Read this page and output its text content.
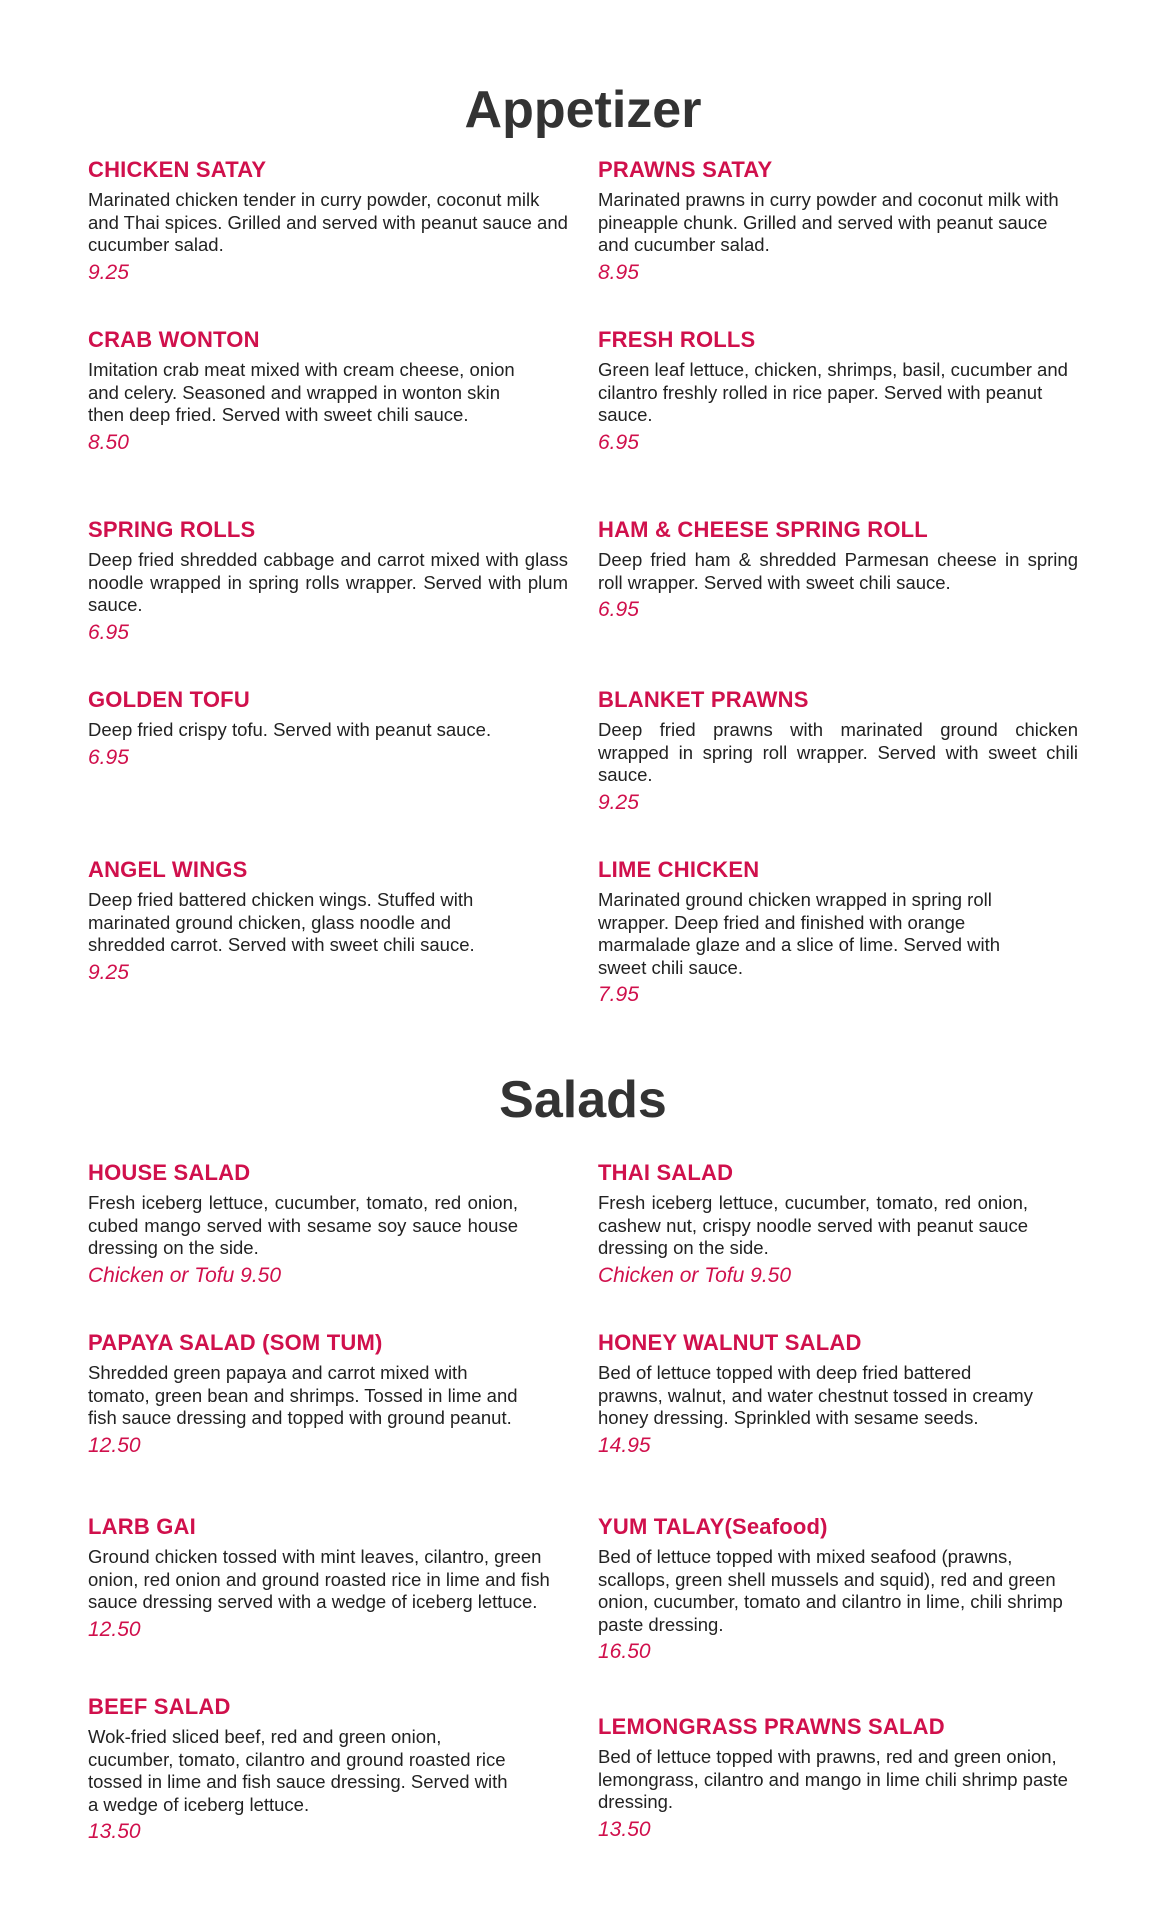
Appetizer

CHICKEN SATAY

Marinated chicken tender in curry powder, coconut milk and Thai spices. Grilled and served with peanut sauce and cucumber salad.

9.25

PRAWNS SATAY

Marinated prawns in curry powder and coconut milk with pineapple chunk. Grilled and served with peanut sauce and cucumber salad.

8.95

CRAB WONTON

Imitation crab meat mixed with cream cheese, onion and celery. Seasoned and wrapped in wonton skin then deep fried. Served with sweet chili sauce.

8.50

FRESH ROLLS

Green leaf lettuce, chicken, shrimps, basil, cucumber and cilantro freshly rolled in rice paper. Served with peanut sauce.

6.95

SPRING ROLLS

Deep fried shredded cabbage and carrot mixed with glass noodle wrapped in spring rolls wrapper. Served with plum sauce.

6.95

HAM & CHEESE SPRING ROLL

Deep fried ham & shredded Parmesan cheese in spring roll wrapper. Served with sweet chili sauce.

6.95

GOLDEN TOFU

Deep fried crispy tofu. Served with peanut sauce.

6.95

BLANKET PRAWNS

Deep fried prawns with marinated ground chicken wrapped in spring roll wrapper. Served with sweet chili sauce.

9.25

ANGEL WINGS

Deep fried battered chicken wings. Stuffed with marinated ground chicken, glass noodle and shredded carrot. Served with sweet chili sauce.

9.25

LIME CHICKEN

Marinated ground chicken wrapped in spring roll wrapper. Deep fried and finished with orange marmalade glaze and a slice of lime. Served with sweet chili sauce.

7.95
Salads

HOUSE SALAD

Fresh iceberg lettuce, cucumber, tomato, red onion, cubed mango served with sesame soy sauce house dressing on the side.

Chicken or Tofu 9.50

THAI SALAD

Fresh iceberg lettuce, cucumber, tomato, red onion, cashew nut, crispy noodle served with peanut sauce dressing on the side.

Chicken or Tofu 9.50

PAPAYA SALAD (SOM TUM)

Shredded green papaya and carrot mixed with tomato, green bean and shrimps. Tossed in lime and fish sauce dressing and topped with ground peanut.

12.50

HONEY WALNUT SALAD

Bed of lettuce topped with deep fried battered prawns, walnut, and water chestnut tossed in creamy honey dressing. Sprinkled with sesame seeds.

14.95

LARB GAI

Ground chicken tossed with mint leaves, cilantro, green onion, red onion and ground roasted rice in lime and fish sauce dressing served with a wedge of iceberg lettuce.

12.50

YUM TALAY(Seafood)

Bed of lettuce topped with mixed seafood (prawns, scallops, green shell mussels and squid), red and green onion, cucumber, tomato and cilantro in lime, chili shrimp paste dressing.

16.50

BEEF SALAD

Wok-fried sliced beef, red and green onion, cucumber, tomato, cilantro and ground roasted rice tossed in lime and fish sauce dressing. Served with a wedge of iceberg lettuce.

13.50

LEMONGRASS PRAWNS SALAD

Bed of lettuce topped with prawns, red and green onion, lemongrass, cilantro and mango in lime chili shrimp paste dressing.

13.50
